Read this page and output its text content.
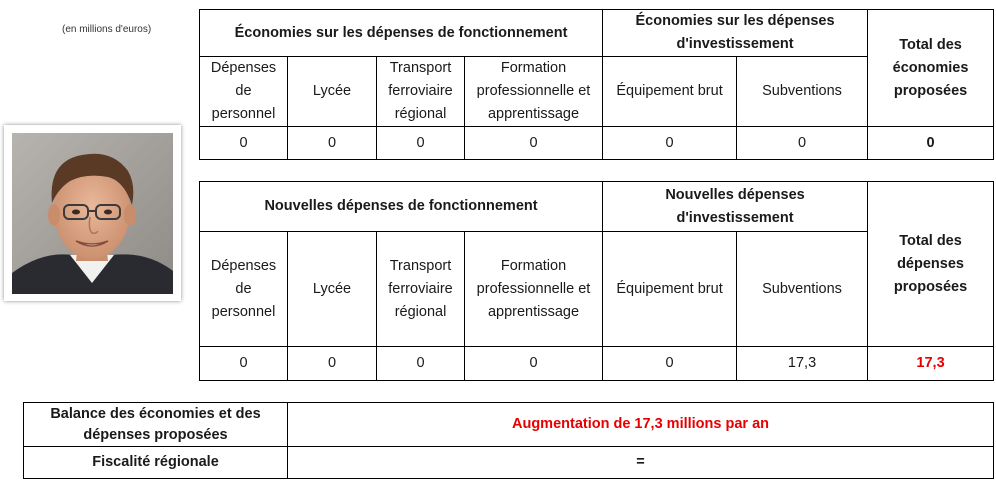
(en millions d'euros)	Économies sur les dépenses de fonctionnement				Économies sur les dépenses d'investissement		Total des économies proposées
Dépenses de personnel	Lycée	Transport ferroviaire régional	Formation professionnelle et apprentissage	Équipement brut	Subventions	
0	0	0	0	0	0	0
Nouvelles dépenses de fonctionnement				Nouvelles dépenses d'investissement		Total des dépenses proposées
Dépenses de personnel	Lycée	Transport ferroviaire régional	Formation professionnelle et apprentissage	Équipement brut	Subventions	
0	0	0	0	0	17,3	17,3
Balance des économies et des dépenses proposées	Augmentation de 17,3 millions par an
Fiscalité régionale	=
